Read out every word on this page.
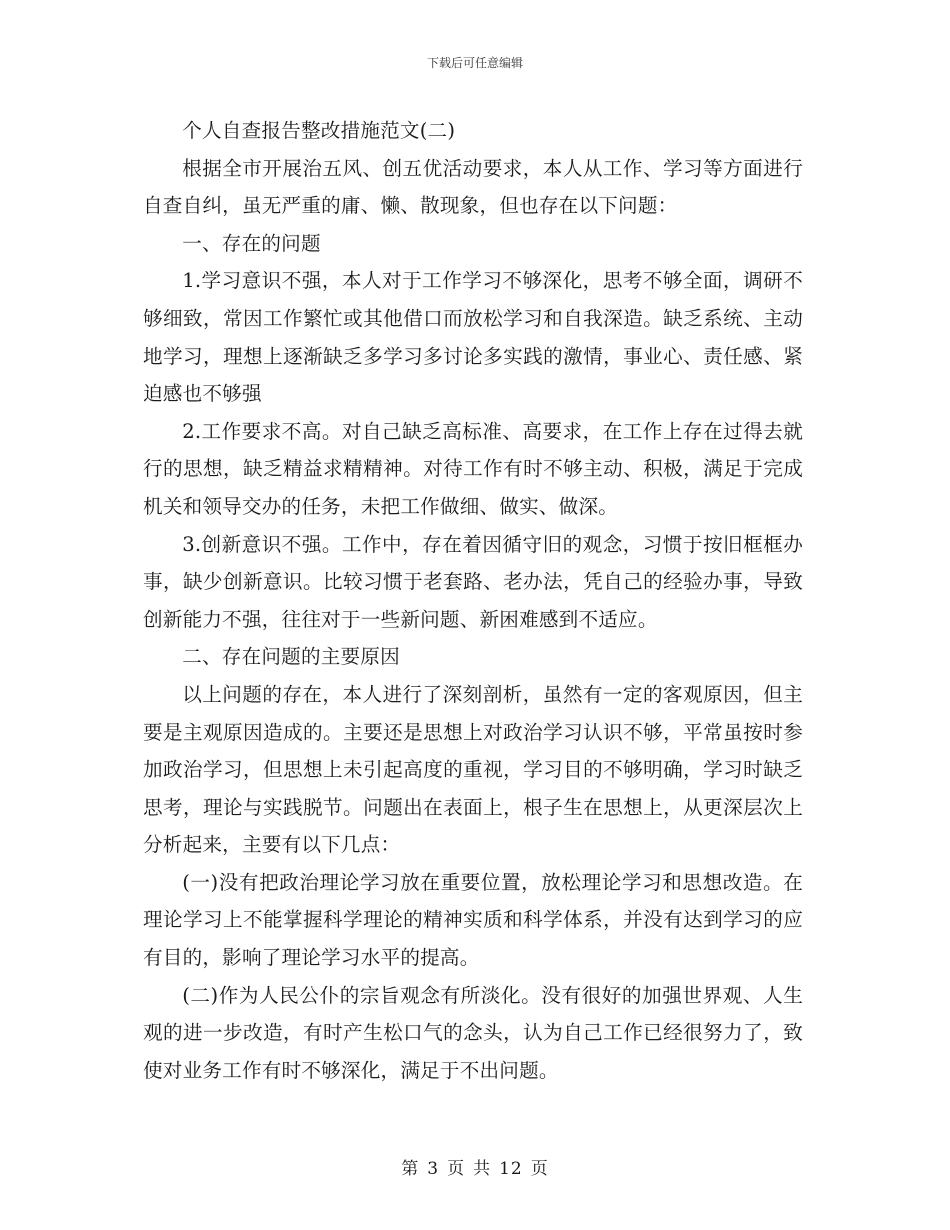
下载后可任意编辑

个人自查报告整改措施范文(二)

根据全市开展治五风、创五优活动要求，本人从工作、学习等方面进行自查自纠，虽无严重的庸、懒、散现象，但也存在以下问题：

一、存在的问题

1.学习意识不强，本人对于工作学习不够深化，思考不够全面，调研不够细致，常因工作繁忙或其他借口而放松学习和自我深造。缺乏系统、主动地学习，理想上逐渐缺乏多学习多讨论多实践的激情，事业心、责任感、紧迫感也不够强

2.工作要求不高。对自己缺乏高标准、高要求，在工作上存在过得去就行的思想，缺乏精益求精精神。对待工作有时不够主动、积极，满足于完成机关和领导交办的任务，未把工作做细、做实、做深。

3.创新意识不强。工作中，存在着因循守旧的观念，习惯于按旧框框办事，缺少创新意识。比较习惯于老套路、老办法，凭自己的经验办事，导致创新能力不强，往往对于一些新问题、新困难感到不适应。

二、存在问题的主要原因

以上问题的存在，本人进行了深刻剖析，虽然有一定的客观原因，但主要是主观原因造成的。主要还是思想上对政治学习认识不够，平常虽按时参加政治学习，但思想上未引起高度的重视，学习目的不够明确，学习时缺乏思考，理论与实践脱节。问题出在表面上，根子生在思想上，从更深层次上分析起来，主要有以下几点：

(一)没有把政治理论学习放在重要位置，放松理论学习和思想改造。在理论学习上不能掌握科学理论的精神实质和科学体系，并没有达到学习的应有目的，影响了理论学习水平的提高。

(二)作为人民公仆的宗旨观念有所淡化。没有很好的加强世界观、人生观的进一步改造，有时产生松口气的念头，认为自己工作已经很努力了，致使对业务工作有时不够深化，满足于不出问题。

第 3 页 共 12 页
